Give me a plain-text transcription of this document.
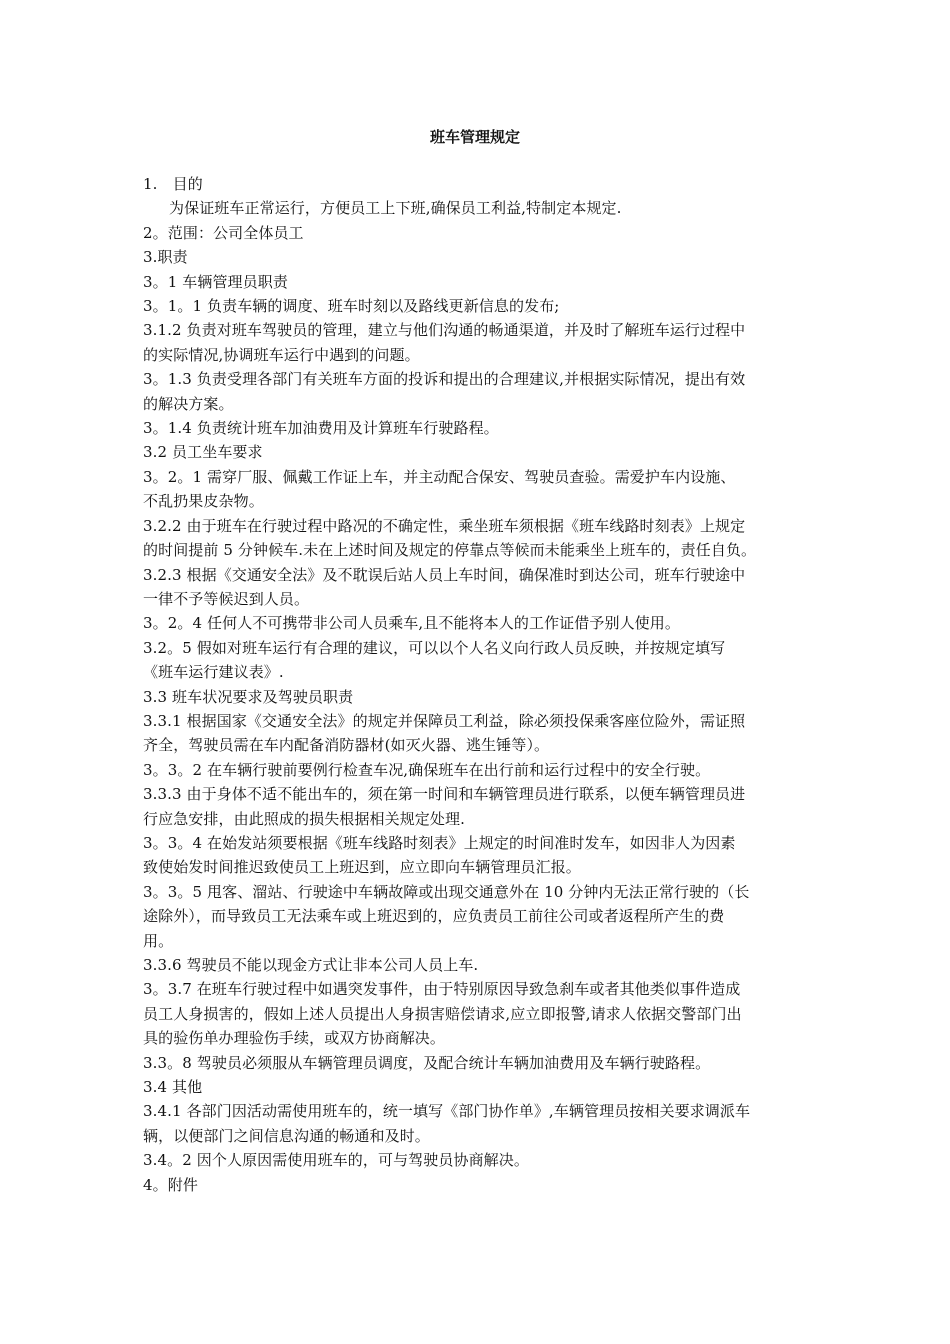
班车管理规定
1.　目的
为保证班车正常运行，方便员工上下班,确保员工利益,特制定本规定.
2。范围：公司全体员工
3.职责
3。1 车辆管理员职责
3。1。1 负责车辆的调度、班车时刻以及路线更新信息的发布;
3.1.2 负责对班车驾驶员的管理，建立与他们沟通的畅通渠道，并及时了解班车运行过程中
的实际情况,协调班车运行中遇到的问题。
3。1.3 负责受理各部门有关班车方面的投诉和提出的合理建议,并根据实际情况，提出有效
的解决方案。
3。1.4 负责统计班车加油费用及计算班车行驶路程。
3.2 员工坐车要求
3。2。1 需穿厂服、佩戴工作证上车，并主动配合保安、驾驶员查验。需爱护车内设施、
不乱扔果皮杂物。
3.2.2 由于班车在行驶过程中路况的不确定性，乘坐班车须根据《班车线路时刻表》上规定
的时间提前 5 分钟候车.未在上述时间及规定的停靠点等候而未能乘坐上班车的，责任自负。
3.2.3 根据《交通安全法》及不耽误后站人员上车时间，确保准时到达公司，班车行驶途中
一律不予等候迟到人员。
3。2。4 任何人不可携带非公司人员乘车,且不能将本人的工作证借予别人使用。
3.2。5 假如对班车运行有合理的建议，可以以个人名义向行政人员反映，并按规定填写
《班车运行建议表》.
3.3 班车状况要求及驾驶员职责
3.3.1 根据国家《交通安全法》的规定并保障员工利益，除必须投保乘客座位险外，需证照
齐全，驾驶员需在车内配备消防器材(如灭火器、逃生锤等）。
3。3。2 在车辆行驶前要例行检查车况,确保班车在出行前和运行过程中的安全行驶。
3.3.3 由于身体不适不能出车的，须在第一时间和车辆管理员进行联系，以便车辆管理员进
行应急安排，由此照成的损失根据相关规定处理.
3。3。4 在始发站须要根据《班车线路时刻表》上规定的时间准时发车，如因非人为因素
致使始发时间推迟致使员工上班迟到，应立即向车辆管理员汇报。
3。3。5 甩客、溜站、行驶途中车辆故障或出现交通意外在 10 分钟内无法正常行驶的（长
途除外），而导致员工无法乘车或上班迟到的，应负责员工前往公司或者返程所产生的费
用。
3.3.6 驾驶员不能以现金方式让非本公司人员上车.
3。3.7 在班车行驶过程中如遇突发事件，由于特别原因导致急刹车或者其他类似事件造成
员工人身损害的，假如上述人员提出人身损害赔偿请求,应立即报警,请求人依据交警部门出
具的验伤单办理验伤手续，或双方协商解决。
3.3。8 驾驶员必须服从车辆管理员调度，及配合统计车辆加油费用及车辆行驶路程。
3.4 其他
3.4.1 各部门因活动需使用班车的，统一填写《部门协作单》,车辆管理员按相关要求调派车
辆，以便部门之间信息沟通的畅通和及时。
3.4。2 因个人原因需使用班车的，可与驾驶员协商解决。
4。附件
